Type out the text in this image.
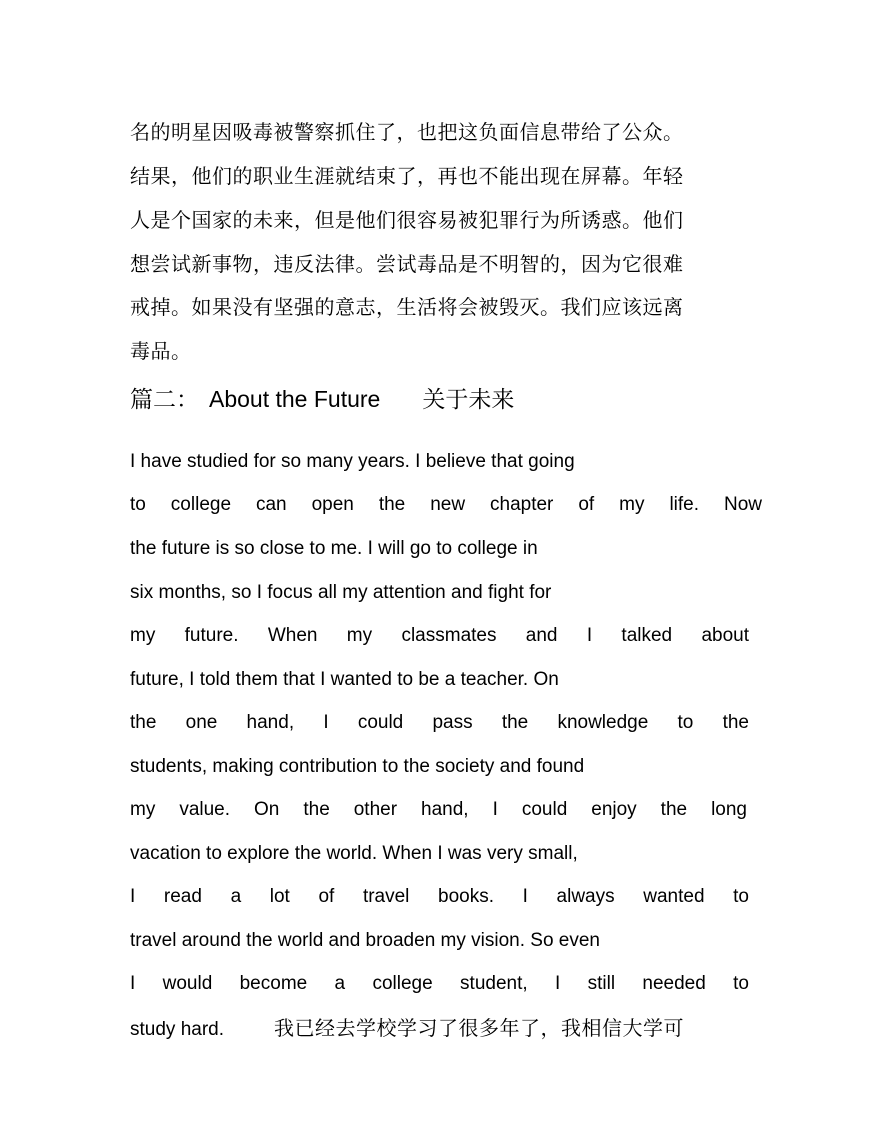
名的明星因吸毒被警察抓住了，也把这负面信息带给了公众。
结果，他们的职业生涯就结束了，再也不能出现在屏幕。年轻
人是个国家的未来，但是他们很容易被犯罪行为所诱惑。他们
想尝试新事物，违反法律。尝试毒品是不明智的，因为它很难
戒掉。如果没有坚强的意志，生活将会被毁灭。我们应该远离
毒品。
篇二： About the Future 关于未来
I have studied for so many years. I believe that going
to college can open the new chapter of my life. Now
the future is so close to me. I will go to college in
six months, so I focus all my attention and fight for
my future. When my classmates and I talked about
future, I told them that I wanted to be a teacher. On
the one hand, I could pass the knowledge to the
students, making contribution to the society and found
my value. On the other hand, I could enjoy the long
vacation to explore the world. When I was very small,
I read a lot of travel books. I always wanted to
travel around the world and broaden my vision. So even
I would become a college student, I still needed to
study hard.	我已经去学校学习了很多年了，我相信大学可
